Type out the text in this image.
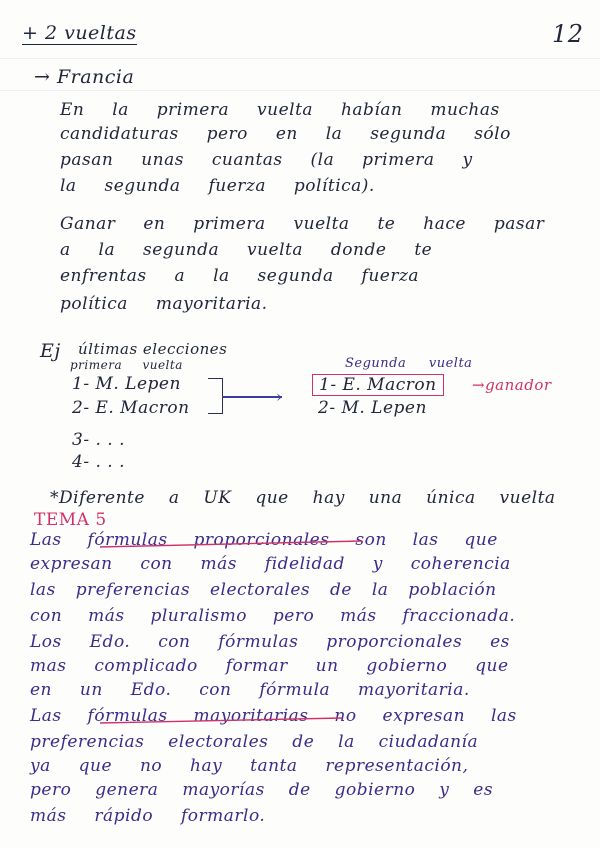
+ 2 vueltas	12
→ Francia
En la primera vuelta habían muchas
candidaturas pero en la segunda sólo
pasan unas cuantas (la primera y
la segunda fuerza política).
Ganar en primera vuelta te hace pasar
a la segunda vuelta donde te
enfrentas a la segunda fuerza
política mayoritaria.
Ej últimas elecciones
primera vuelta
1- M. Lepen
2- E. Macron
3- . . .
4- . . .
›
Segunda vuelta
1- E. Macron
2- M. Lepen
→ganador
*Diferente a UK que hay una única vuelta
TEMA 5
Las fórmulas proporcionales son las que
expresan con más fidelidad y coherencia
las preferencias electorales de la población
con más pluralismo pero más fraccionada.
Los Edo. con fórmulas proporcionales es
mas complicado formar un gobierno que
en un Edo. con fórmula mayoritaria.
Las fórmulas mayoritarias no expresan las
preferencias electorales de la ciudadanía
ya que no hay tanta representación,
pero genera mayorías de gobierno y es
más rápido formarlo.
